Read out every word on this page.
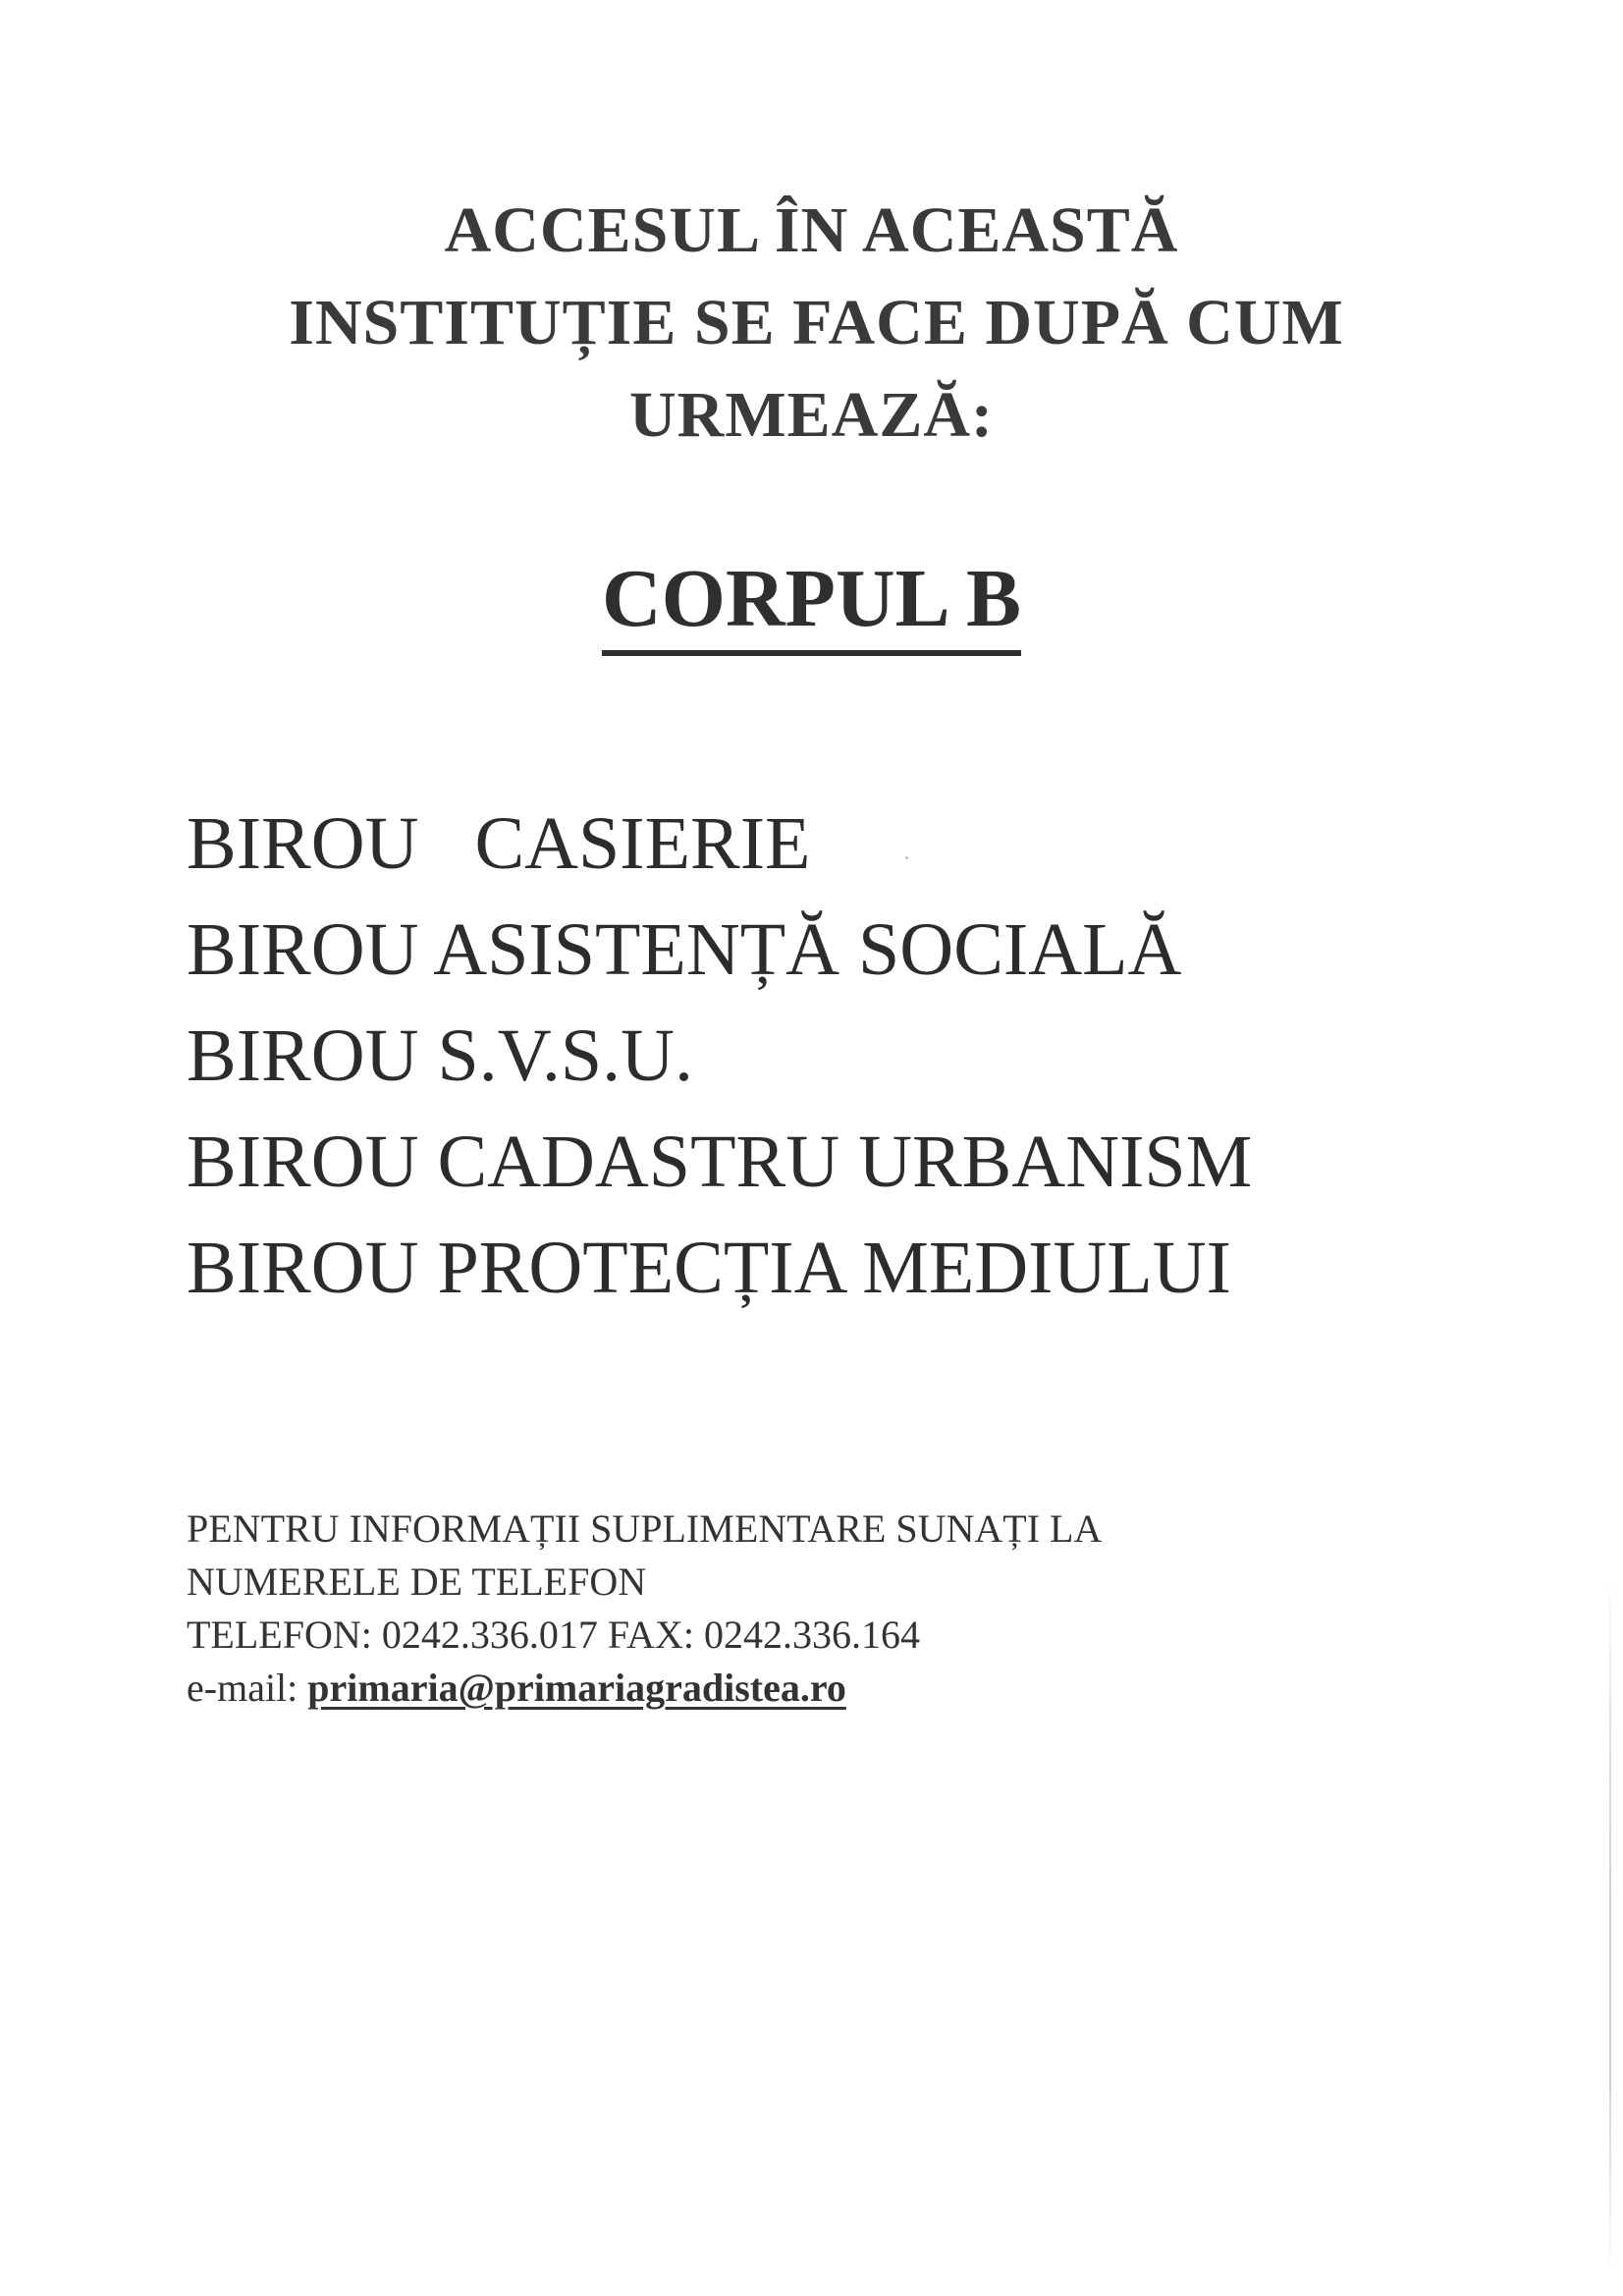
ACCESUL ÎN ACEASTĂ
INSTITUȚIE SE FACE DUPĂ CUM
URMEAZĂ:
CORPUL B
BIROU   CASIERIE
BIROU ASISTENȚĂ SOCIALĂ
BIROU S.V.S.U.
BIROU CADASTRU URBANISM
BIROU PROTECȚIA MEDIULUI
PENTRU INFORMAȚII SUPLIMENTARE SUNAȚI LA
NUMERELE DE TELEFON
TELEFON: 0242.336.017 FAX: 0242.336.164
e-mail: primaria@primariagradistea.ro
